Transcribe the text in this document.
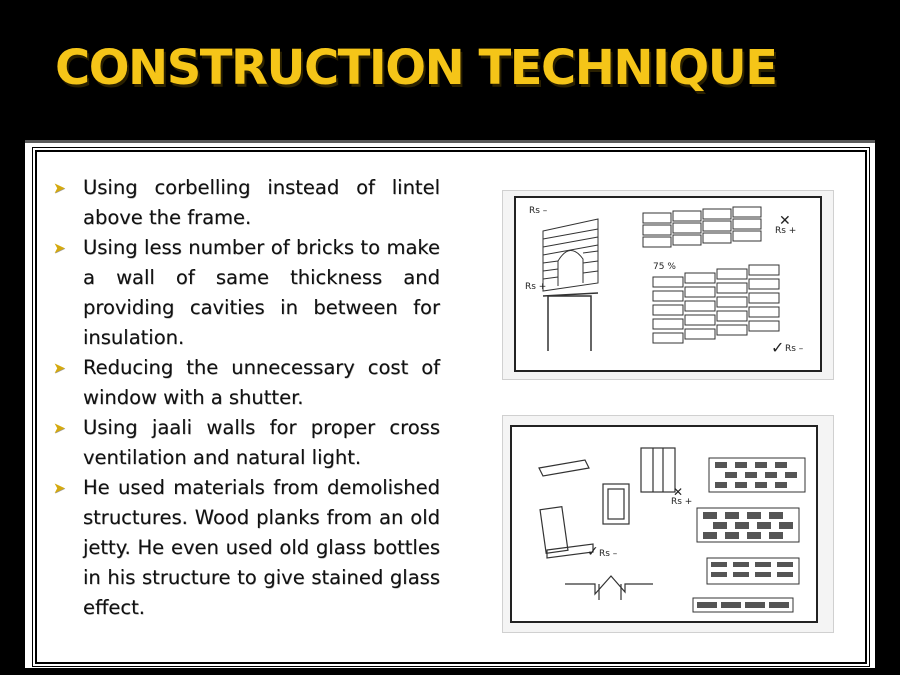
CONSTRUCTION TECHNIQUE
➤ Using corbelling instead of lintel above the frame.
➤ Using less number of bricks to make a wall of same thickness and providing cavities in between for insulation.
➤ Reducing the unnecessary cost of window with a shutter.
➤ Using jaali walls for proper cross ventilation and natural light.
➤ He used materials from demolished structures. Wood planks from an old jetty. He even used old glass bottles in his structure to give stained glass effect.
Rs –
Rs +
75 %
Rs +
Rs –
✕
✓
Rs –
Rs +
✓
✕
